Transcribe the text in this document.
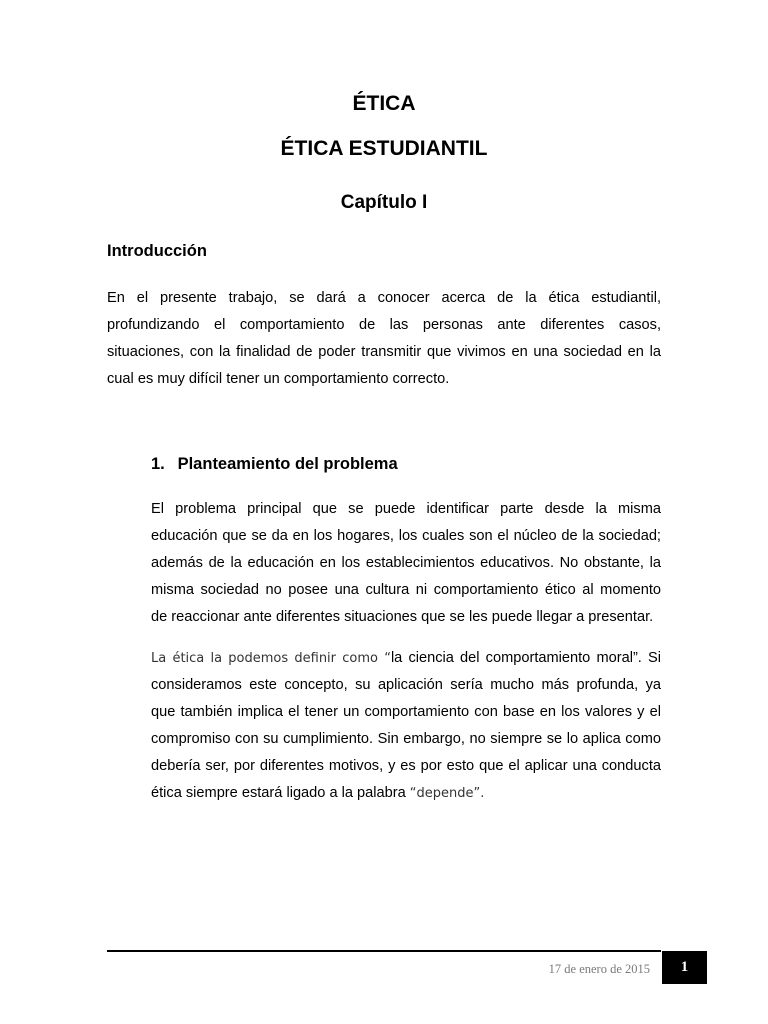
ÉTICA
ÉTICA ESTUDIANTIL
Capítulo I
Introducción
En el presente trabajo, se dará a conocer acerca de la ética estudiantil,
profundizando el comportamiento de las personas ante diferentes casos,
situaciones, con la finalidad de poder transmitir que vivimos en una sociedad en la
cual es muy difícil tener un comportamiento correcto.
1. Planteamiento del problema
El problema principal que se puede identificar parte desde la misma
educación que se da en los hogares, los cuales son el núcleo de la sociedad;
además de la educación en los establecimientos educativos. No obstante, la
misma sociedad no posee una cultura ni comportamiento ético al momento
de reaccionar ante diferentes situaciones que se les puede llegar a presentar.
La ética la podemos definir como “la ciencia del comportamiento moral”. Si
consideramos este concepto, su aplicación sería mucho más profunda, ya
que también implica el tener un comportamiento con base en los valores y el
compromiso con su cumplimiento. Sin embargo, no siempre se lo aplica como
debería ser, por diferentes motivos, y es por esto que el aplicar una conducta
ética siempre estará ligado a la palabra “depende”.
17 de enero de 2015 1
